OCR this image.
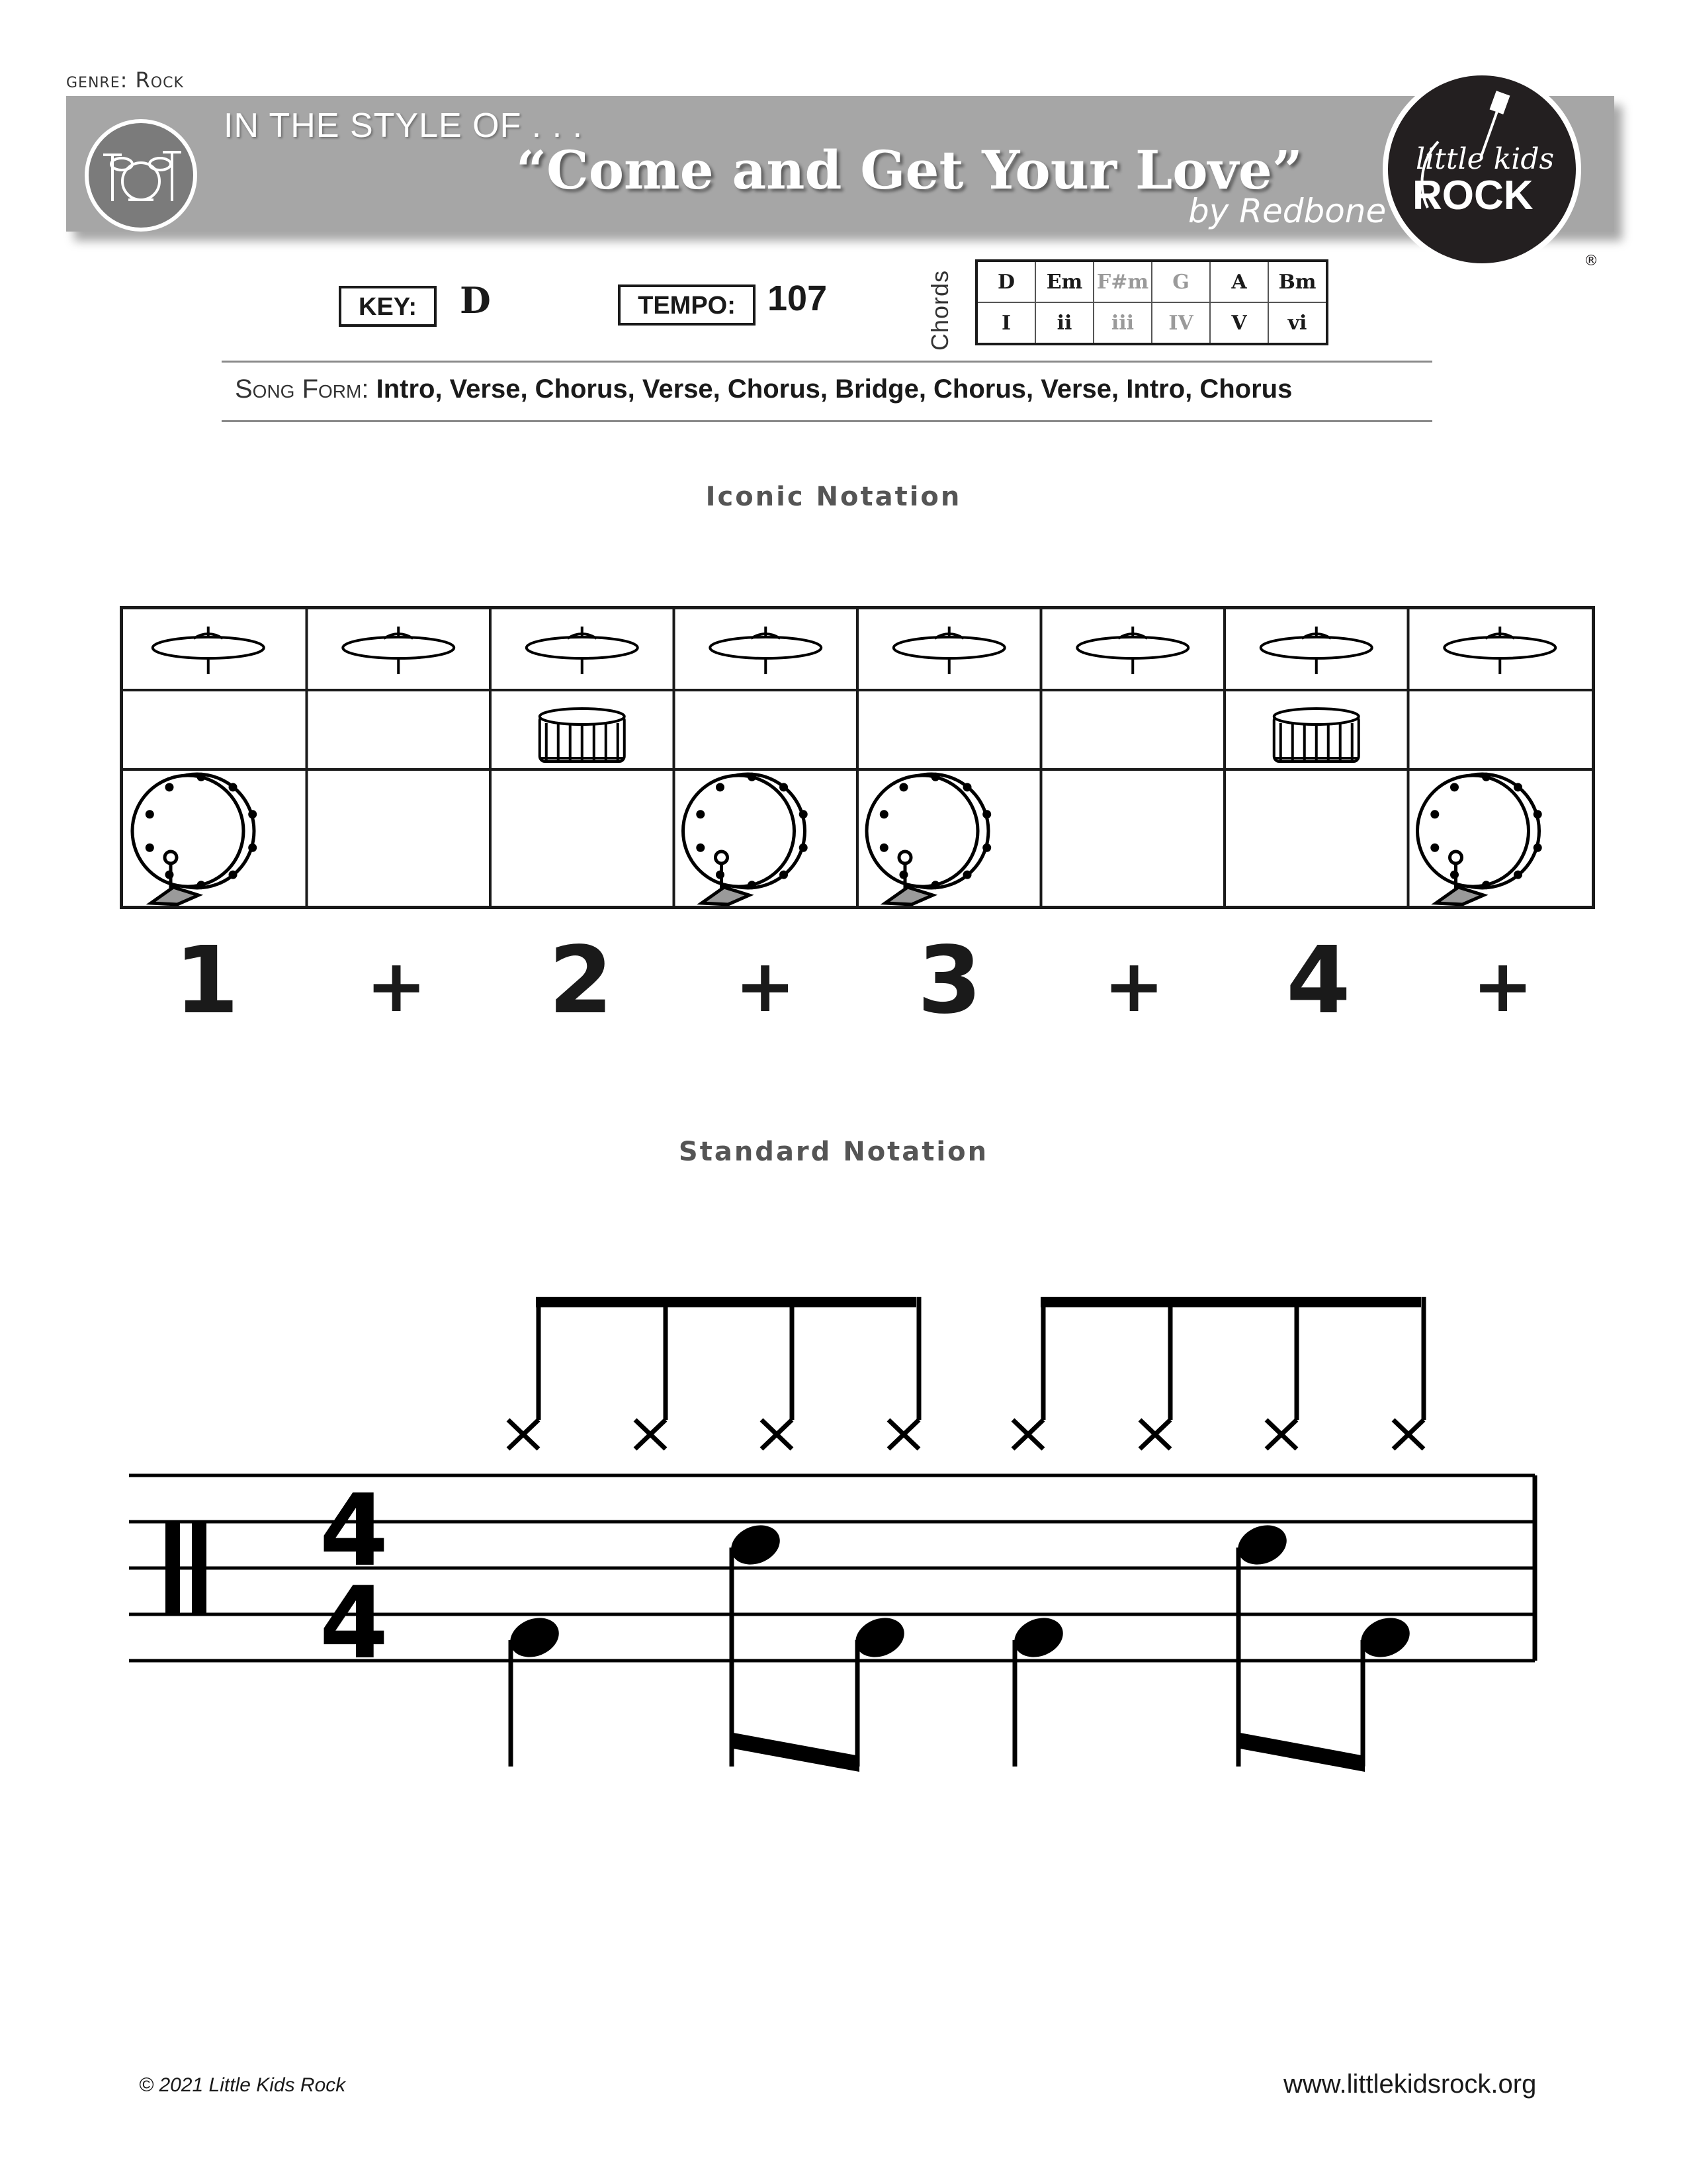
genre: Rock
IN THE STYLE OF . . .
“Come and Get Your Love”
by Redbone
little kids
ROCK
®
KEY:	D	TEMPO: 107	Chords D	Em	F#m	G	A	Bm
I	ii	iii	IV	V	vi
Song Form: Intro, Verse, Chorus, Verse, Chorus, Bridge, Chorus, Verse, Intro, Chorus
Iconic Notation
1 + 2 + 3 + 4 +
Standard Notation
4
4
© 2021 Little Kids Rock	www.littlekidsrock.org
